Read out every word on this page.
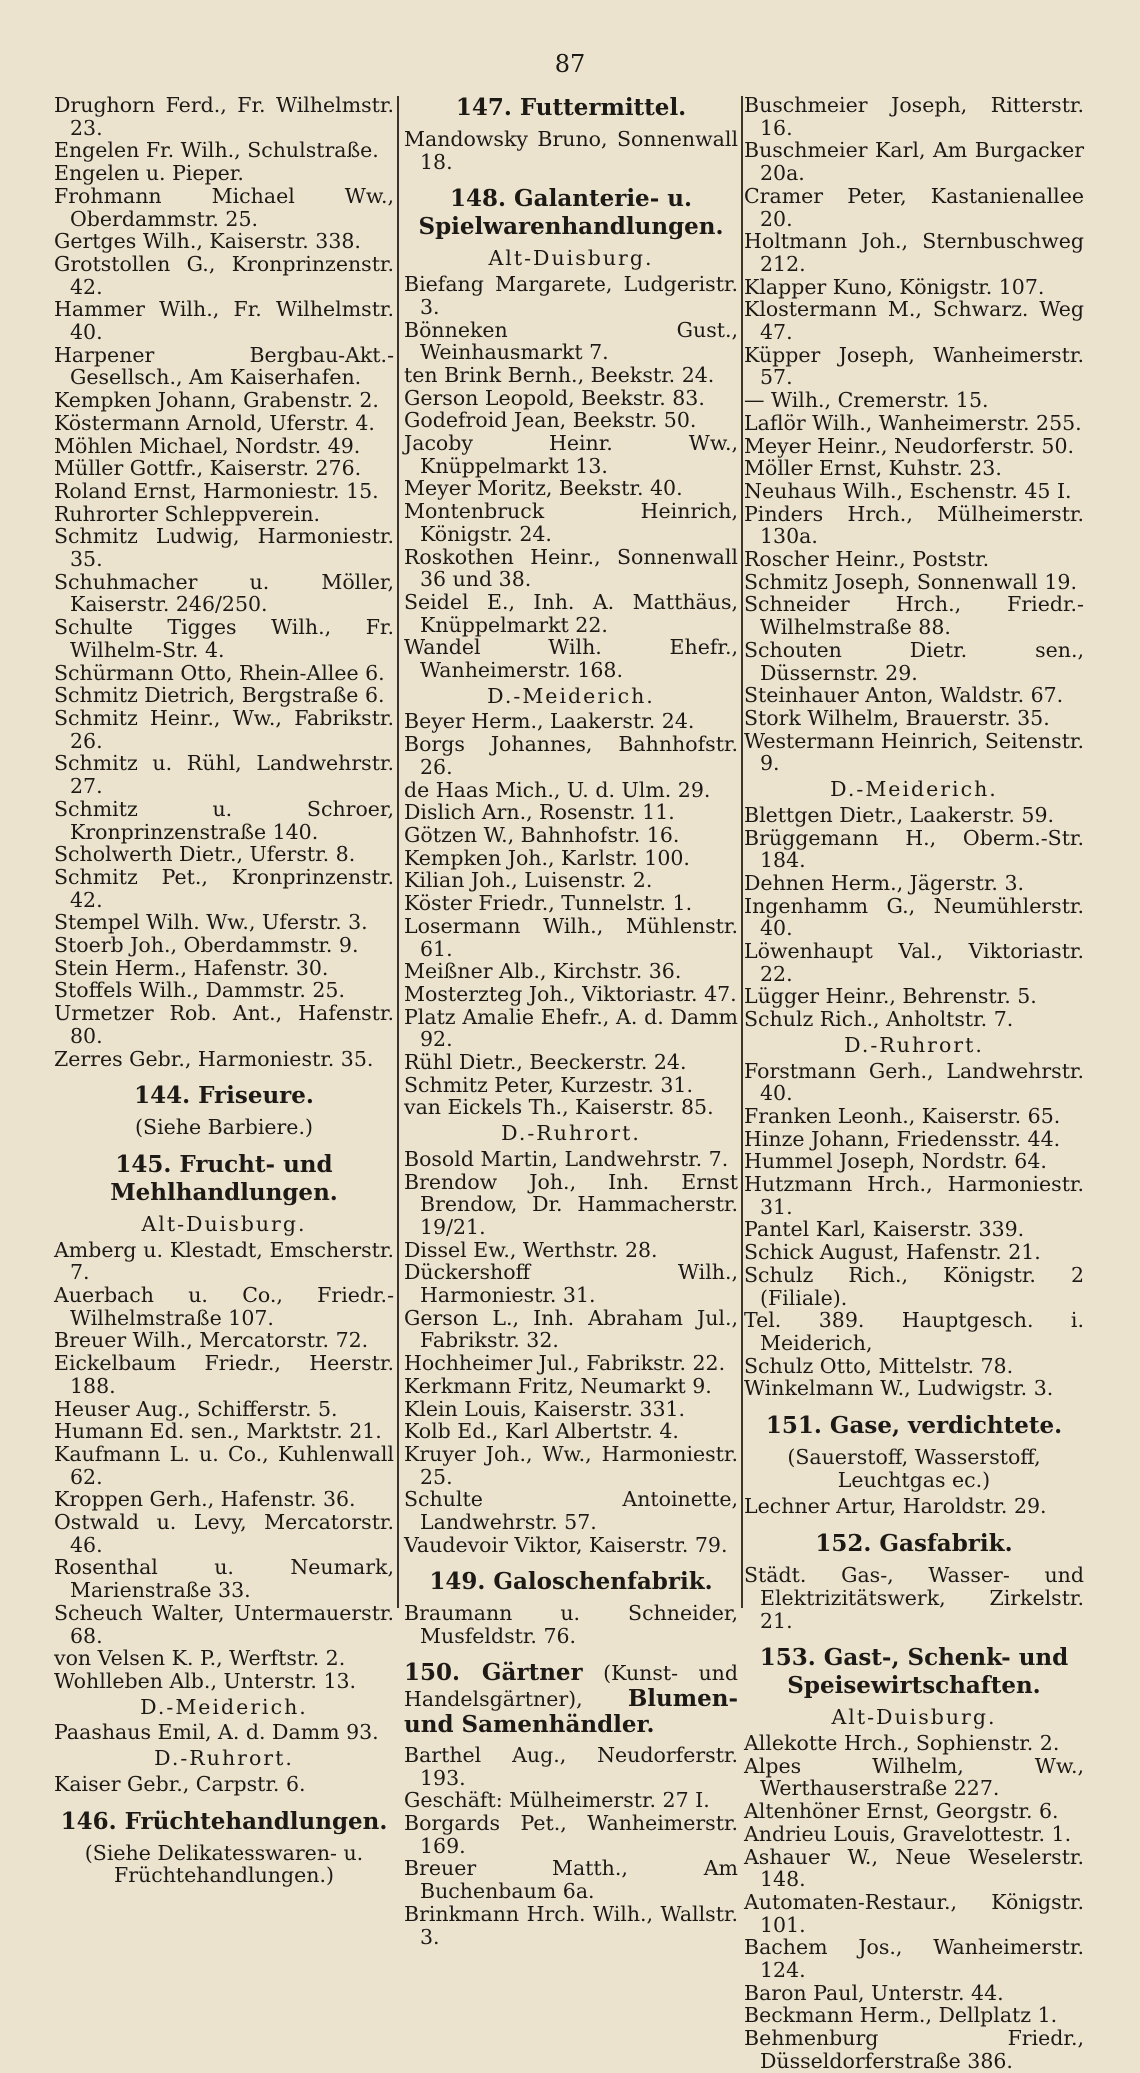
87
Drughorn Ferd., Fr. Wilhelmstr. 23.
Engelen Fr. Wilh., Schulstraße.
Engelen u. Pieper.
Frohmann Michael Ww., Oberdammstr. 25.
Gertges Wilh., Kaiserstr. 338.
Grotstollen G., Kronprinzenstr. 42.
Hammer Wilh., Fr. Wilhelmstr. 40.
Harpener Bergbau-Akt.-Gesellsch., Am Kaiserhafen.
Kempken Johann, Grabenstr. 2.
Köstermann Arnold, Uferstr. 4.
Möhlen Michael, Nordstr. 49.
Müller Gottfr., Kaiserstr. 276.
Roland Ernst, Harmoniestr. 15.
Ruhrorter Schleppverein.
Schmitz Ludwig, Harmoniestr. 35.
Schuhmacher u. Möller, Kaiserstr. 246/250.
Schulte Tigges Wilh., Fr. Wilhelm-Str. 4.
Schürmann Otto, Rhein-Allee 6.
Schmitz Dietrich, Bergstraße 6.
Schmitz Heinr., Ww., Fabrikstr. 26.
Schmitz u. Rühl, Landwehrstr. 27.
Schmitz u. Schroer, Kronprinzenstraße 140.
Scholwerth Dietr., Uferstr. 8.
Schmitz Pet., Kronprinzenstr. 42.
Stempel Wilh. Ww., Uferstr. 3.
Stoerb Joh., Oberdammstr. 9.
Stein Herm., Hafenstr. 30.
Stoffels Wilh., Dammstr. 25.
Urmetzer Rob. Ant., Hafenstr. 80.
Zerres Gebr., Harmoniestr. 35.
144. Friseure.
(Siehe Barbiere.)
145. Frucht- und Mehlhandlungen.
Alt-Duisburg.
Amberg u. Klestadt, Emscherstr. 7.
Auerbach u. Co., Friedr.-Wilhelmstraße 107.
Breuer Wilh., Mercatorstr. 72.
Eickelbaum Friedr., Heerstr. 188.
Heuser Aug., Schifferstr. 5.
Humann Ed. sen., Marktstr. 21.
Kaufmann L. u. Co., Kuhlenwall 62.
Kroppen Gerh., Hafenstr. 36.
Ostwald u. Levy, Mercatorstr. 46.
Rosenthal u. Neumark, Marienstraße 33.
Scheuch Walter, Untermauerstr. 68.
von Velsen K. P., Werftstr. 2.
Wohlleben Alb., Unterstr. 13.
D.-Meiderich.
Paashaus Emil, A. d. Damm 93.
D.-Ruhrort.
Kaiser Gebr., Carpstr. 6.
146. Früchtehandlungen.
(Siehe Delikatesswaren- u. Früchtehandlungen.)
147. Futtermittel.
Mandowsky Bruno, Sonnenwall 18.
148. Galanterie- u. Spielwarenhandlungen.
Alt-Duisburg.
Biefang Margarete, Ludgeristr. 3.
Bönneken Gust., Weinhausmarkt 7.
ten Brink Bernh., Beekstr. 24.
Gerson Leopold, Beekstr. 83.
Godefroid Jean, Beekstr. 50.
Jacoby Heinr. Ww., Knüppelmarkt 13.
Meyer Moritz, Beekstr. 40.
Montenbruck Heinrich, Königstr. 24.
Roskothen Heinr., Sonnenwall 36 und 38.
Seidel E., Inh. A. Matthäus, Knüppelmarkt 22.
Wandel Wilh. Ehefr., Wanheimerstr. 168.
D.-Meiderich.
Beyer Herm., Laakerstr. 24.
Borgs Johannes, Bahnhofstr. 26.
de Haas Mich., U. d. Ulm. 29.
Dislich Arn., Rosenstr. 11.
Götzen W., Bahnhofstr. 16.
Kempken Joh., Karlstr. 100.
Kilian Joh., Luisenstr. 2.
Köster Friedr., Tunnelstr. 1.
Losermann Wilh., Mühlenstr. 61.
Meißner Alb., Kirchstr. 36.
Mosterzteg Joh., Viktoriastr. 47.
Platz Amalie Ehefr., A. d. Damm 92.
Rühl Dietr., Beeckerstr. 24.
Schmitz Peter, Kurzestr. 31.
van Eickels Th., Kaiserstr. 85.
D.-Ruhrort.
Bosold Martin, Landwehrstr. 7.
Brendow Joh., Inh. Ernst Brendow, Dr. Hammacherstr. 19/21.
Dissel Ew., Werthstr. 28.
Dückershoff Wilh., Harmoniestr. 31.
Gerson L., Inh. Abraham Jul., Fabrikstr. 32.
Hochheimer Jul., Fabrikstr. 22.
Kerkmann Fritz, Neumarkt 9.
Klein Louis, Kaiserstr. 331.
Kolb Ed., Karl Albertstr. 4.
Kruyer Joh., Ww., Harmoniestr. 25.
Schulte Antoinette, Landwehrstr. 57.
Vaudevoir Viktor, Kaiserstr. 79.
149. Galoschenfabrik.
Braumann u. Schneider, Musfeldstr. 76.
150. Gärtner (Kunst- und Handelsgärtner), Blumen- und Samenhändler.
Barthel Aug., Neudorferstr. 193.
Geschäft: Mülheimerstr. 27 I.
Borgards Pet., Wanheimerstr. 169.
Breuer Matth., Am Buchenbaum 6a.
Brinkmann Hrch. Wilh., Wallstr. 3.
Buschmeier Joseph, Ritterstr. 16.
Buschmeier Karl, Am Burgacker 20a.
Cramer Peter, Kastanienallee 20.
Holtmann Joh., Sternbuschweg 212.
Klapper Kuno, Königstr. 107.
Klostermann M., Schwarz. Weg 47.
Küpper Joseph, Wanheimerstr. 57.
— Wilh., Cremerstr. 15.
Laflör Wilh., Wanheimerstr. 255.
Meyer Heinr., Neudorferstr. 50.
Möller Ernst, Kuhstr. 23.
Neuhaus Wilh., Eschenstr. 45 I.
Pinders Hrch., Mülheimerstr. 130a.
Roscher Heinr., Poststr.
Schmitz Joseph, Sonnenwall 19.
Schneider Hrch., Friedr.-Wilhelmstraße 88.
Schouten Dietr. sen., Düssernstr. 29.
Steinhauer Anton, Waldstr. 67.
Stork Wilhelm, Brauerstr. 35.
Westermann Heinrich, Seitenstr. 9.
D.-Meiderich.
Blettgen Dietr., Laakerstr. 59.
Brüggemann H., Oberm.-Str. 184.
Dehnen Herm., Jägerstr. 3.
Ingenhamm G., Neumühlerstr. 40.
Löwenhaupt Val., Viktoriastr. 22.
Lügger Heinr., Behrenstr. 5.
Schulz Rich., Anholtstr. 7.
D.-Ruhrort.
Forstmann Gerh., Landwehrstr. 40.
Franken Leonh., Kaiserstr. 65.
Hinze Johann, Friedensstr. 44.
Hummel Joseph, Nordstr. 64.
Hutzmann Hrch., Harmoniestr. 31.
Pantel Karl, Kaiserstr. 339.
Schick August, Hafenstr. 21.
Schulz Rich., Königstr. 2 (Filiale).
Tel. 389. Hauptgesch. i. Meiderich,
Schulz Otto, Mittelstr. 78.
Winkelmann W., Ludwigstr. 3.
151. Gase, verdichtete.
(Sauerstoff, Wasserstoff, Leuchtgas ec.)
Lechner Artur, Haroldstr. 29.
152. Gasfabrik.
Städt. Gas-, Wasser- und Elektrizitätswerk, Zirkelstr. 21.
153. Gast-, Schenk- und Speisewirtschaften.
Alt-Duisburg.
Allekotte Hrch., Sophienstr. 2.
Alpes Wilhelm, Ww., Werthauserstraße 227.
Altenhöner Ernst, Georgstr. 6.
Andrieu Louis, Gravelottestr. 1.
Ashauer W., Neue Weselerstr. 148.
Automaten-Restaur., Königstr. 101.
Bachem Jos., Wanheimerstr. 124.
Baron Paul, Unterstr. 44.
Beckmann Herm., Dellplatz 1.
Behmenburg Friedr., Düsseldorferstraße 386.
